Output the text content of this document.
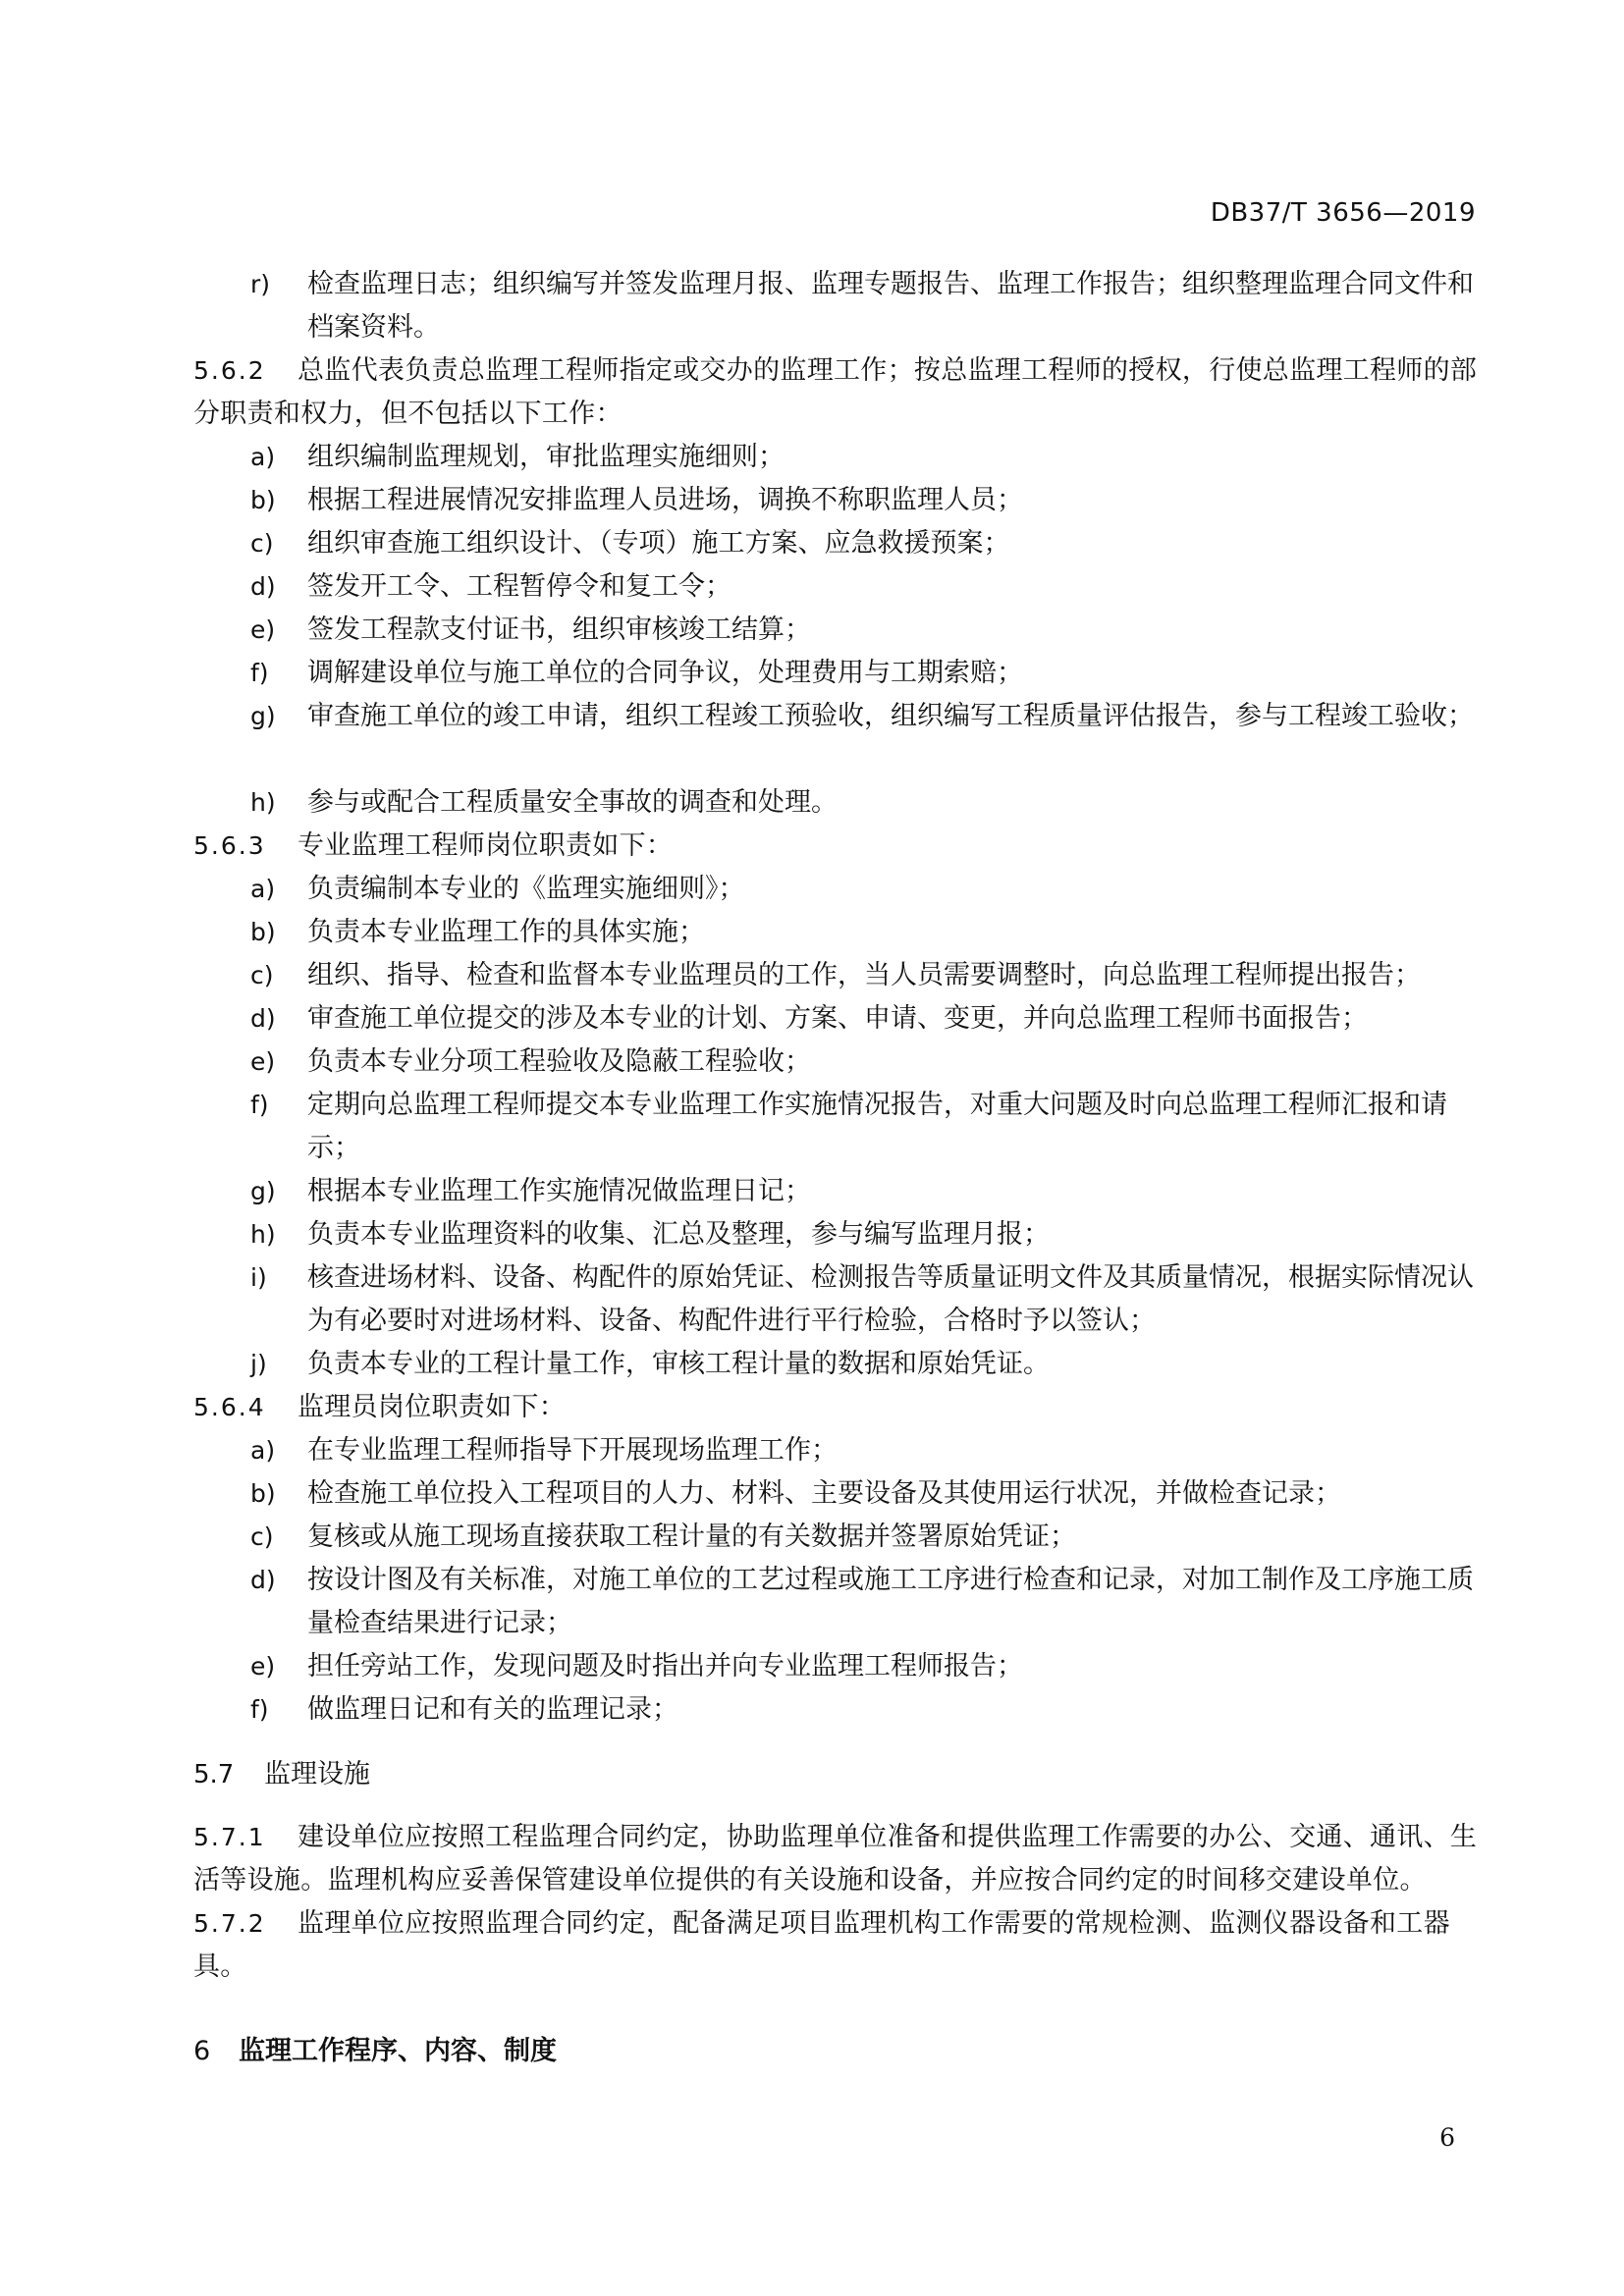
DB37/T 3656—2019
r) 检查监理日志；组织编写并签发监理月报、监理专题报告、监理工作报告；组织整理监理合同文件和档案资料。
5.6.2 总监代表负责总监理工程师指定或交办的监理工作；按总监理工程师的授权，行使总监理工程师的部分职责和权力，但不包括以下工作：
a) 组织编制监理规划，审批监理实施细则；
b) 根据工程进展情况安排监理人员进场，调换不称职监理人员；
c) 组织审查施工组织设计、（专项）施工方案、应急救援预案；
d) 签发开工令、工程暂停令和复工令；
e) 签发工程款支付证书，组织审核竣工结算；
f) 调解建设单位与施工单位的合同争议，处理费用与工期索赔；
g) 审查施工单位的竣工申请，组织工程竣工预验收，组织编写工程质量评估报告，参与工程竣工验收；
h) 参与或配合工程质量安全事故的调查和处理。
5.6.3 专业监理工程师岗位职责如下：
a) 负责编制本专业的《监理实施细则》；
b) 负责本专业监理工作的具体实施；
c) 组织、指导、检查和监督本专业监理员的工作，当人员需要调整时，向总监理工程师提出报告；
d) 审查施工单位提交的涉及本专业的计划、方案、申请、变更，并向总监理工程师书面报告；
e) 负责本专业分项工程验收及隐蔽工程验收；
f) 定期向总监理工程师提交本专业监理工作实施情况报告，对重大问题及时向总监理工程师汇报和请示；
g) 根据本专业监理工作实施情况做监理日记；
h) 负责本专业监理资料的收集、汇总及整理，参与编写监理月报；
i) 核查进场材料、设备、构配件的原始凭证、检测报告等质量证明文件及其质量情况，根据实际情况认为有必要时对进场材料、设备、构配件进行平行检验，合格时予以签认；
j) 负责本专业的工程计量工作，审核工程计量的数据和原始凭证。
5.6.4 监理员岗位职责如下：
a) 在专业监理工程师指导下开展现场监理工作；
b) 检查施工单位投入工程项目的人力、材料、主要设备及其使用运行状况，并做检查记录；
c) 复核或从施工现场直接获取工程计量的有关数据并签署原始凭证；
d) 按设计图及有关标准，对施工单位的工艺过程或施工工序进行检查和记录，对加工制作及工序施工质量检查结果进行记录；
e) 担任旁站工作，发现问题及时指出并向专业监理工程师报告；
f) 做监理日记和有关的监理记录；
5.7 监理设施
5.7.1 建设单位应按照工程监理合同约定，协助监理单位准备和提供监理工作需要的办公、交通、通讯、生活等设施。监理机构应妥善保管建设单位提供的有关设施和设备，并应按合同约定的时间移交建设单位。
5.7.2 监理单位应按照监理合同约定，配备满足项目监理机构工作需要的常规检测、监测仪器设备和工器具。
6 监理工作程序、内容、制度
6
